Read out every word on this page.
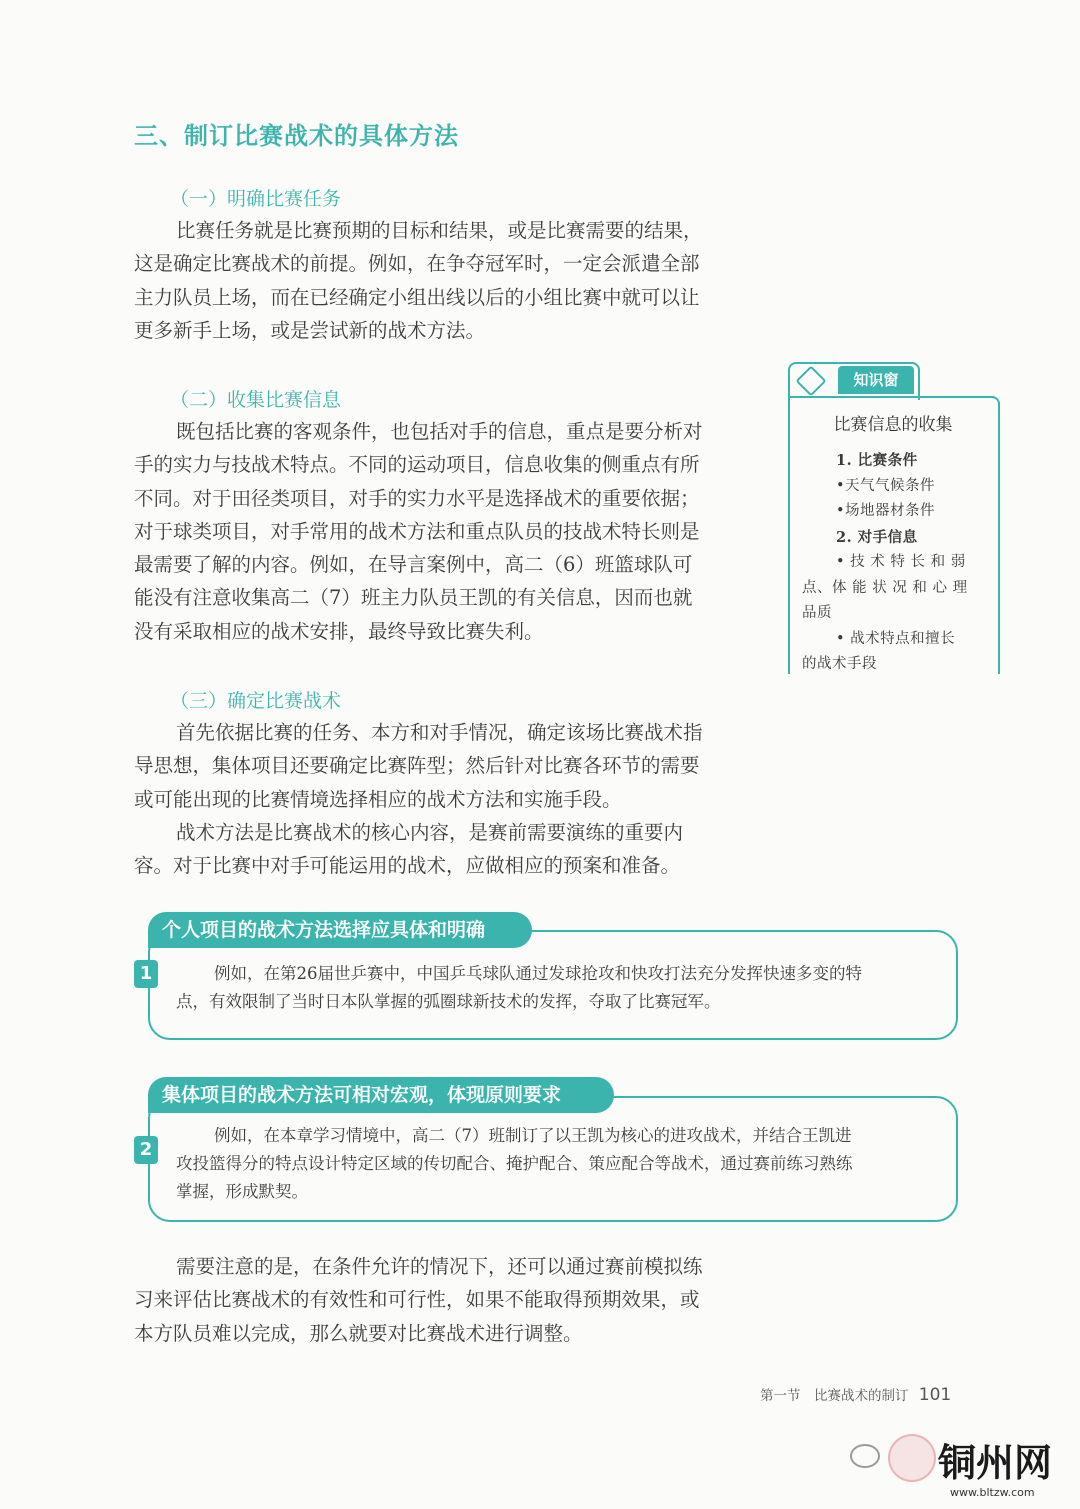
三、制订比赛战术的具体方法
（一）明确比赛任务

比赛任务就是比赛预期的目标和结果，或是比赛需要的结果，

这是确定比赛战术的前提。例如，在争夺冠军时，一定会派遣全部

主力队员上场，而在已经确定小组出线以后的小组比赛中就可以让

更多新手上场，或是尝试新的战术方法。

（二）收集比赛信息

既包括比赛的客观条件，也包括对手的信息，重点是要分析对

手的实力与技战术特点。不同的运动项目，信息收集的侧重点有所

不同。对于田径类项目，对手的实力水平是选择战术的重要依据；

对于球类项目，对手常用的战术方法和重点队员的技战术特长则是

最需要了解的内容。例如，在导言案例中，高二（6）班篮球队可

能没有注意收集高二（7）班主力队员王凯的有关信息，因而也就

没有采取相应的战术安排，最终导致比赛失利。

（三）确定比赛战术

首先依据比赛的任务、本方和对手情况，确定该场比赛战术指

导思想，集体项目还要确定比赛阵型；然后针对比赛各环节的需要

或可能出现的比赛情境选择相应的战术方法和实施手段。

战术方法是比赛战术的核心内容，是赛前需要演练的重要内

容。对于比赛中对手可能运用的战术，应做相应的预案和准备。

知识窗
比赛信息的收集
1. 比赛条件
•天气气候条件
•场地器材条件
2. 对手信息
• 技 术 特 长 和 弱
点、体 能 状 况 和 心 理
品质
• 战术特点和擅长
的战术手段
个人项目的战术方法选择应具体和明确
1	例如，在第26届世乒赛中，中国乒乓球队通过发球抢攻和快攻打法充分发挥快速多变的特
点，有效限制了当时日本队掌握的弧圈球新技术的发挥，夺取了比赛冠军。
集体项目的战术方法可相对宏观，体现原则要求
2
例如，在本章学习情境中，高二（7）班制订了以王凯为核心的进攻战术，并结合王凯进
攻投篮得分的特点设计特定区域的传切配合、掩护配合、策应配合等战术，通过赛前练习熟练
掌握，形成默契。

需要注意的是，在条件允许的情况下，还可以通过赛前模拟练

习来评估比赛战术的有效性和可行性，如果不能取得预期效果，或

本方队员难以完成，那么就要对比赛战术进行调整。

第一节　比赛战术的制订 101
铜州网
www.bltzw.com
